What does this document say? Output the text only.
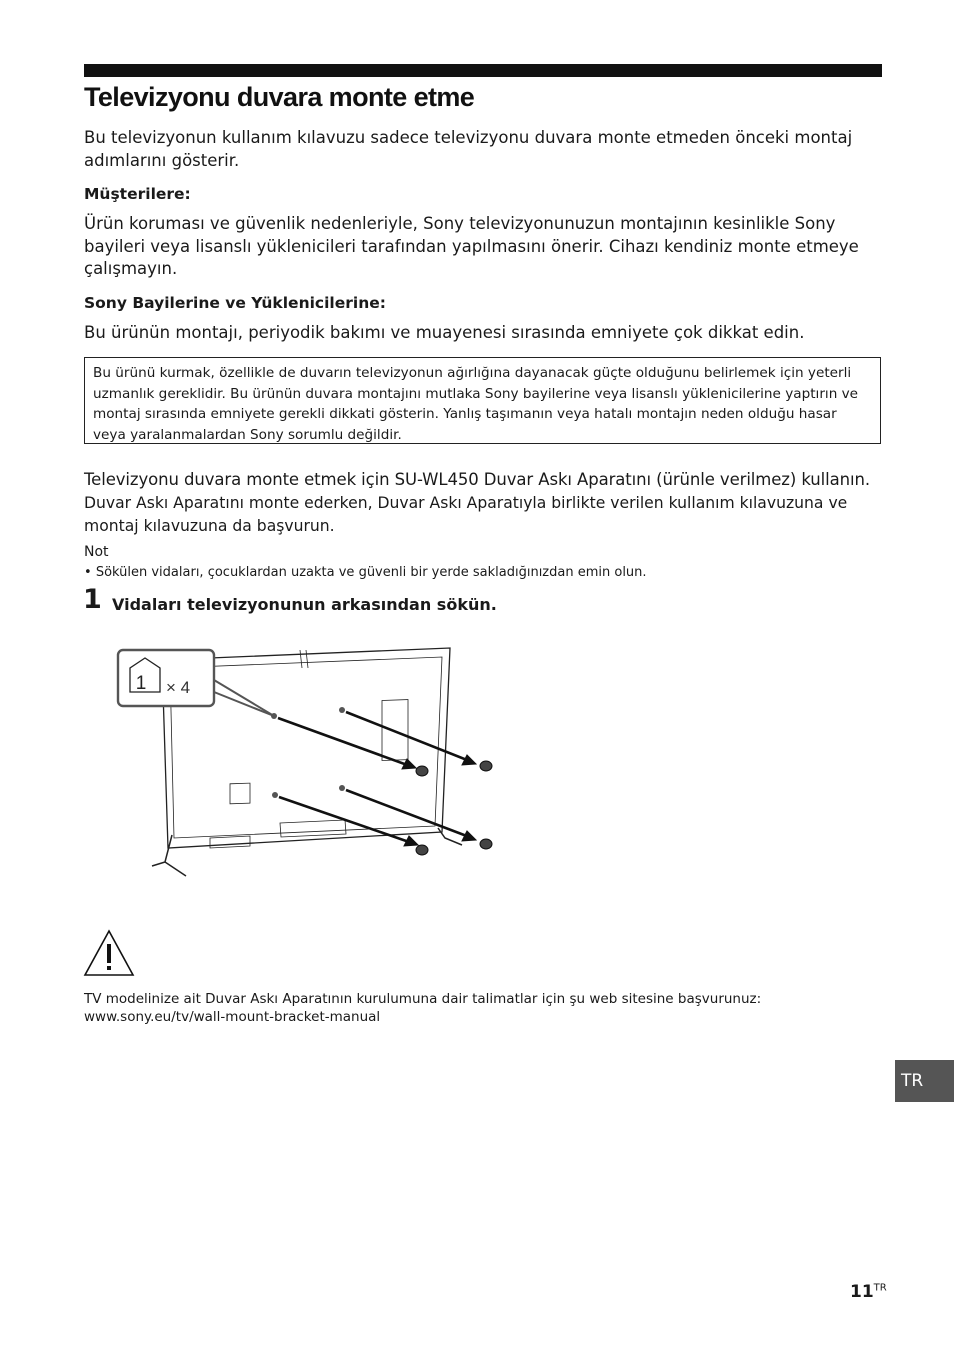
Televizyonu duvara monte etme
Bu televizyonun kullanım kılavuzu sadece televizyonu duvara monte etmeden önceki montaj adımlarını gösterir.
Müşterilere:
Ürün koruması ve güvenlik nedenleriyle, Sony televizyonunuzun montajının kesinlikle Sony bayileri veya lisanslı yüklenicileri tarafından yapılmasını önerir. Cihazı kendiniz monte etmeye çalışmayın.
Sony Bayilerine ve Yüklenicilerine:
Bu ürünün montajı, periyodik bakımı ve muayenesi sırasında emniyete çok dikkat edin.
Bu ürünü kurmak, özellikle de duvarın televizyonun ağırlığına dayanacak güçte olduğunu belirlemek için yeterli uzmanlık gereklidir. Bu ürünün duvara montajını mutlaka Sony bayilerine veya lisanslı yüklenicilerine yaptırın ve montaj sırasında emniyete gerekli dikkati gösterin. Yanlış taşımanın veya hatalı montajın neden olduğu hasar veya yaralanmalardan Sony sorumlu değildir.
Televizyonu duvara monte etmek için SU-WL450 Duvar Askı Aparatını (ürünle verilmez) kullanın.
Duvar Askı Aparatını monte ederken, Duvar Askı Aparatıyla birlikte verilen kullanım kılavuzuna ve montaj kılavuzuna da başvurun.
Not
• Sökülen vidaları, çocuklardan uzakta ve güvenli bir yerde sakladığınızdan emin olun.
1 Vidaları televizyonunun arkasından sökün.
1 × 4
TV modelinize ait Duvar Askı Aparatının kurulumuna dair talimatlar için şu web sitesine başvurunuz:
www.sony.eu/tv/wall-mount-bracket-manual
TR
$11^{TR}$
